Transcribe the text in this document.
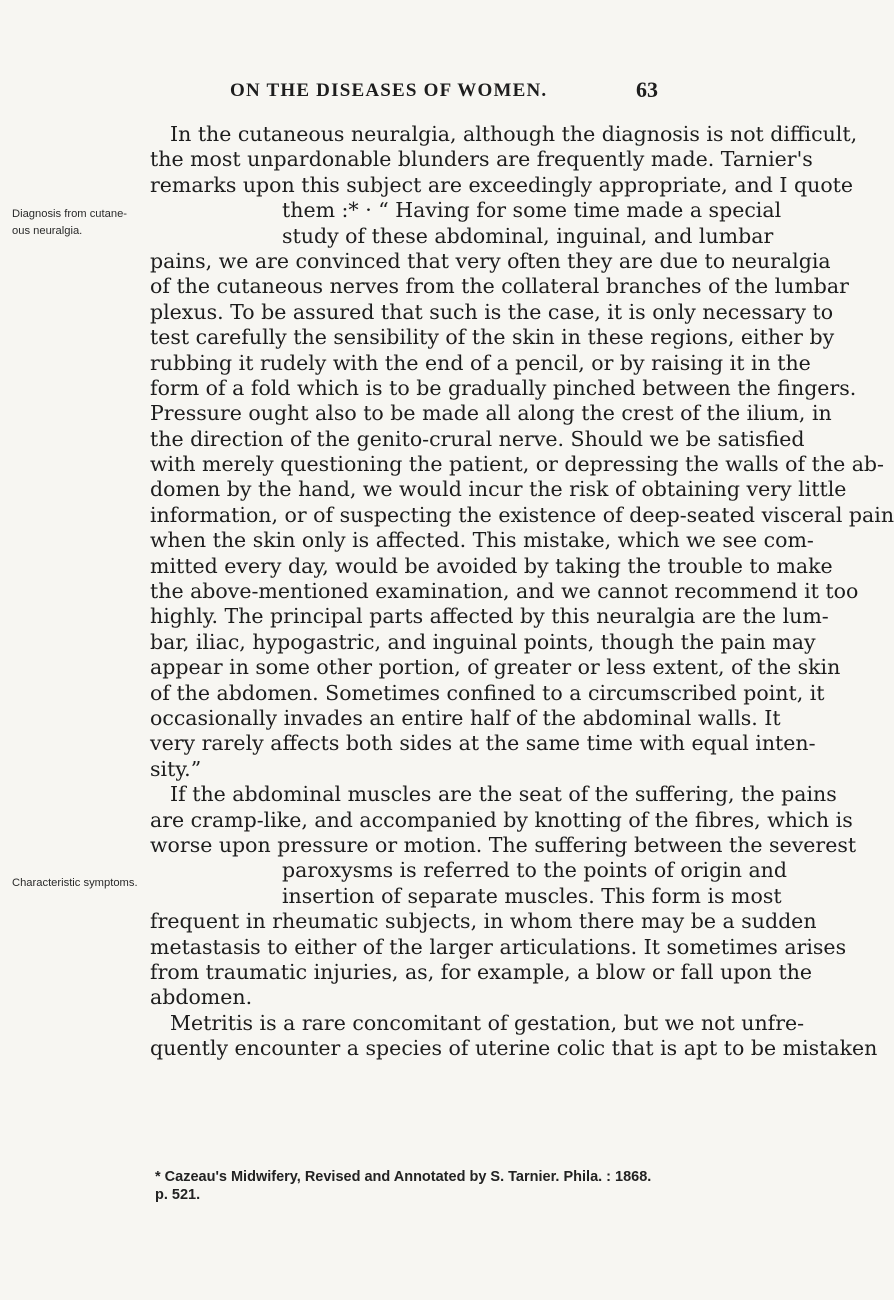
ON THE DISEASES OF WOMEN.	63
In the cutaneous neuralgia, although the diagnosis is not difficult,
the most unpardonable blunders are frequently made. Tarnier's
remarks upon this subject are exceedingly appropriate, and I quote
Diagnosis from cutane-
ous neuralgia.
them :* · “ Having for some time made a special
study of these abdominal, inguinal, and lumbar
pains, we are convinced that very often they are due to neuralgia
of the cutaneous nerves from the collateral branches of the lumbar
plexus. To be assured that such is the case, it is only necessary to
test carefully the sensibility of the skin in these regions, either by
rubbing it rudely with the end of a pencil, or by raising it in the
form of a fold which is to be gradually pinched between the fingers.
Pressure ought also to be made all along the crest of the ilium, in
the direction of the genito-crural nerve. Should we be satisfied
with merely questioning the patient, or depressing the walls of the ab-
domen by the hand, we would incur the risk of obtaining very little
information, or of suspecting the existence of deep-seated visceral pain
when the skin only is affected. This mistake, which we see com-
mitted every day, would be avoided by taking the trouble to make
the above-mentioned examination, and we cannot recommend it too
highly. The principal parts affected by this neuralgia are the lum-
bar, iliac, hypogastric, and inguinal points, though the pain may
appear in some other portion, of greater or less extent, of the skin
of the abdomen. Sometimes confined to a circumscribed point, it
occasionally invades an entire half of the abdominal walls. It
very rarely affects both sides at the same time with equal inten-
sity.”
If the abdominal muscles are the seat of the suffering, the pains
are cramp-like, and accompanied by knotting of the fibres, which is
worse upon pressure or motion. The suffering between the severest
Characteristic symptoms.
paroxysms is referred to the points of origin and
insertion of separate muscles. This form is most
frequent in rheumatic subjects, in whom there may be a sudden
metastasis to either of the larger articulations. It sometimes arises
from traumatic injuries, as, for example, a blow or fall upon the
abdomen.
Metritis is a rare concomitant of gestation, but we not unfre-
quently encounter a species of uterine colic that is apt to be mistaken
* Cazeau's Midwifery, Revised and Annotated by S. Tarnier. Phila. : 1868.
p. 521.
